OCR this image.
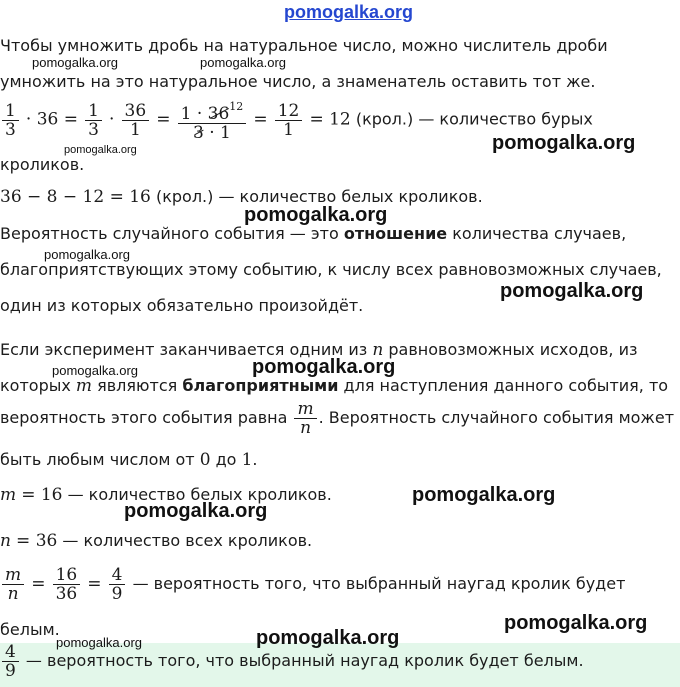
pomogalka.org
Чтобы умножить дробь на натуральное число, можно числитель дроби
умножить на это натуральное число, а знаменатель оставить тот же.
$\frac{1}{3} \cdot 36 = \frac{1}{3} \cdot \frac{36}{1} = \frac{1 \cdot 36^{12}}{3 \cdot 1} = \frac{12}{1} = 12$ (крол.) — количество бурых
кроликов.
36 − 8 − 12 = 16 (крол.) — количество белых кроликов.
Вероятность случайного события — это отношение количества случаев,
благоприятствующих этому событию, к числу всех равновозможных случаев,
один из которых обязательно произойдёт.
Если эксперимент заканчивается одним из n равновозможных исходов, из
которых m являются благоприятными для наступления данного события, то
вероятность этого события равна $\frac{m}{n}$ . Вероятность случайного события может
быть любым числом от 0 до 1.
m = 16 — количество белых кроликов.
n = 36 — количество всех кроликов.
$\frac{m}{n} = \frac{16}{36} = \frac{4}{9}$ — вероятность того, что выбранный наугад кролик будет
белым.
$\frac{4}{9}$ — вероятность того, что выбранный наугад кролик будет белым.
pomogalka.org	pomogalka.org
pomogalka.org	pomogalka.org
pomogalka.org
pomogalka.org
pomogalka.org
pomogalka.org	pomogalka.org
pomogalka.org
pomogalka.org
pomogalka.org
pomogalka.org
pomogalka.org
